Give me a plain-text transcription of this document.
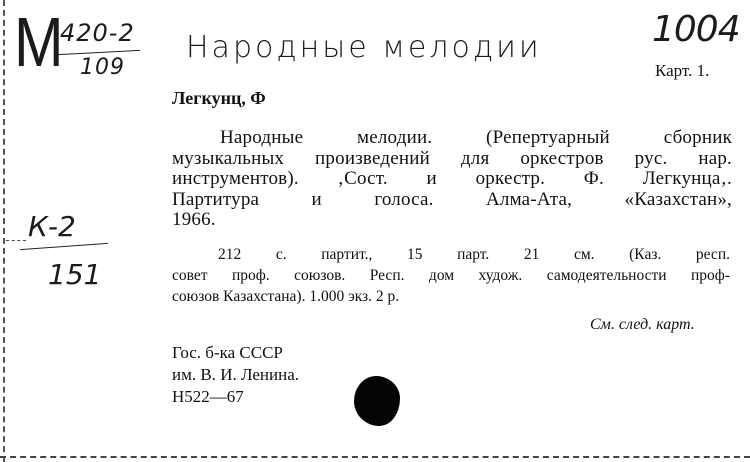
M
420-2
109
Народные мелодии	1004
К-2
151
Карт. 1.
Легкунц, Ф
Народные мелодии. (Репертуарный сборник
музыкальных произведений для оркестров рус. нар.
инструментов). ‚Сост. и оркестр. Ф. Легкунца‚.
Партитура и голоса. Алма-Ата, «Казахстан»,
1966.
212 с. партит., 15 парт. 21 см. (Каз. респ.
совет проф. союзов. Респ. дом худож. самодеятельности проф-
союзов Казахстана). 1.000 экз. 2 р.
См. след. карт.
Гос. б-ка СССР
им. В. И. Ленина.
Н522—67
